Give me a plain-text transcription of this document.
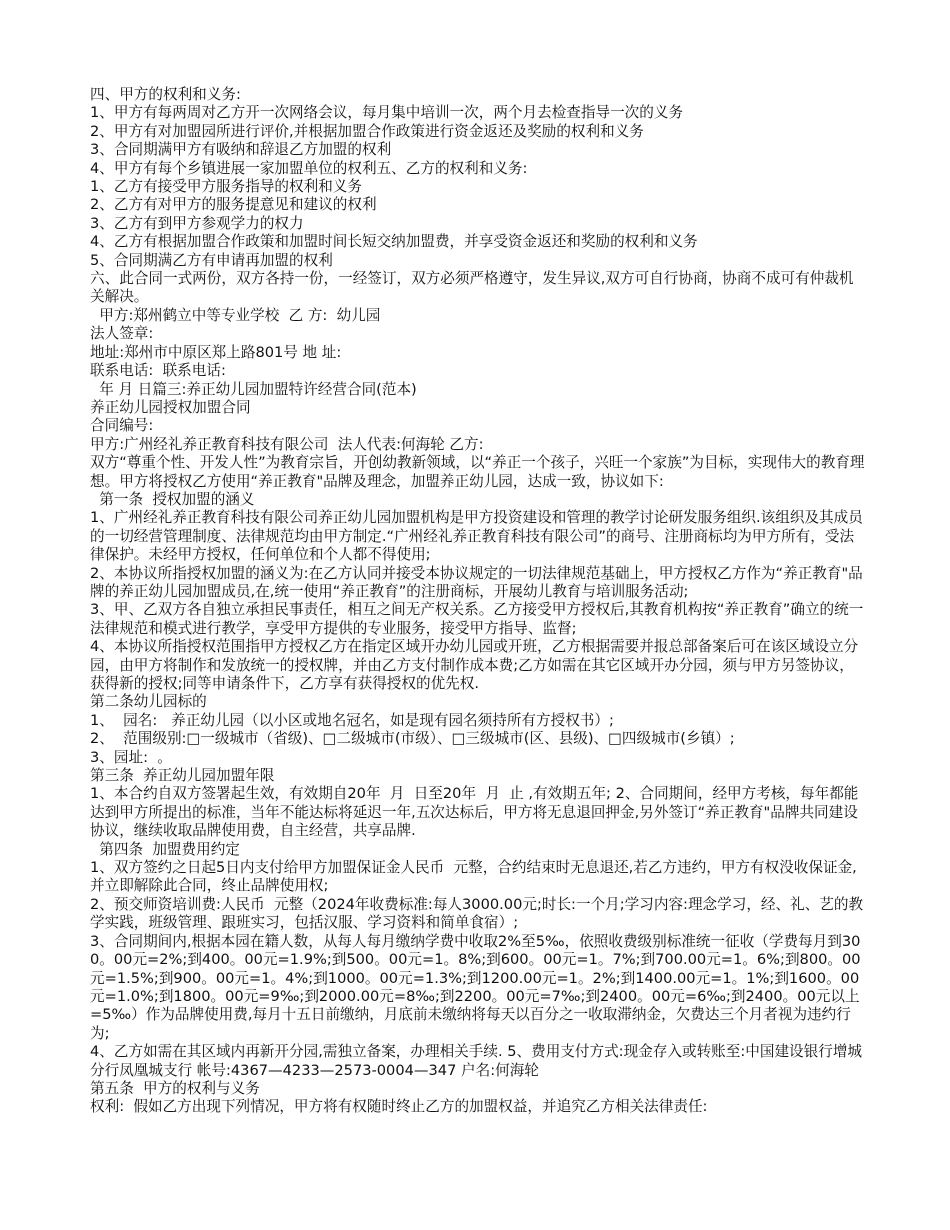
四、甲方的权利和义务:

1、甲方有每两周对乙方开一次网络会议，每月集中培训一次，两个月去检查指导一次的义务

2、甲方有对加盟园所进行评价,并根据加盟合作政策进行资金返还及奖励的权利和义务

3、合同期满甲方有吸纳和辞退乙方加盟的权利

4、甲方有每个乡镇进展一家加盟单位的权利五、乙方的权利和义务:

1、乙方有接受甲方服务指导的权利和义务

2、乙方有对甲方的服务提意见和建议的权利

3、乙方有到甲方参观学力的权力

4、乙方有根据加盟合作政策和加盟时间长短交纳加盟费，并享受资金返还和奖励的权利和义务

5、合同期满乙方有申请再加盟的权利

六、此合同一式两份，双方各持一份，一经签订，双方必须严格遵守，发生异议,双方可自行协商，协商不成可有仲裁机关解决。

甲方:郑州鹤立中等专业学校  乙 方:  幼儿园

法人签章:

地址:郑州市中原区郑上路801号 地 址:

联系电话:  联系电话:

年 月 日篇三:养正幼儿园加盟特许经营合同(范本)

养正幼儿园授权加盟合同

合同编号:

甲方:广州经礼养正教育科技有限公司  法人代表:何海轮 乙方:

双方“尊重个性、开发人性”为教育宗旨，开创幼教新领域，以“养正一个孩子，兴旺一个家族”为目标，实现伟大的教育理想。甲方将授权乙方使用“养正教育"品牌及理念，加盟养正幼儿园，达成一致，协议如下:

第一条  授权加盟的涵义

1、广州经礼养正教育科技有限公司养正幼儿园加盟机构是甲方投资建设和管理的教学讨论研发服务组织.该组织及其成员的一切经营管理制度、法律规范均由甲方制定.“广州经礼养正教育科技有限公司”的商号、注册商标均为甲方所有，受法律保护。未经甲方授权，任何单位和个人都不得使用;

2、本协议所指授权加盟的涵义为:在乙方认同并接受本协议规定的一切法律规范基础上，甲方授权乙方作为“养正教育"品牌的养正幼儿园加盟成员,在,统一使用“养正教育”的注册商标，开展幼儿教育与培训服务活动;

3、甲、乙双方各自独立承担民事责任，相互之间无产权关系。乙方接受甲方授权后,其教育机构按“养正教育”确立的统一法律规范和模式进行教学，享受甲方提供的专业服务，接受甲方指导、监督;

4、本协议所指授权范围指甲方授权乙方在指定区域开办幼儿园或开班，乙方根据需要并报总部备案后可在该区域设立分园，由甲方将制作和发放统一的授权牌，并由乙方支付制作成本费;乙方如需在其它区域开办分园，须与甲方另签协议，获得新的授权;同等申请条件下，乙方享有获得授权的优先权.

第二条幼儿园标的

1、  园名:   养正幼儿园（以小区或地名冠名，如是现有园名须持所有方授权书）;

2、  范围级别:□一级城市（省级)、□二级城市(市级）、□三级城市(区、县级)、□四级城市(乡镇）;

3、园址:  。

第三条  养正幼儿园加盟年限

1、本合约自双方签署起生效，有效期自20年  月  日至20年  月  止 ,有效期五年; 2、合同期间，经甲方考核，每年都能达到甲方所提出的标准，当年不能达标将延迟一年,五次达标后，甲方将无息退回押金,另外签订“养正教育"品牌共同建设协议，继续收取品牌使用费，自主经营，共享品牌.

第四条  加盟费用约定

1、双方签约之日起5日内支付给甲方加盟保证金人民币  元整，合约结束时无息退还,若乙方违约，甲方有权没收保证金,并立即解除此合同，终止品牌使用权;

2、预交师资培训费:人民币  元整（2024年收费标准:每人3000.00元;时长:一个月;学习内容:理念学习，经、礼、艺的教学实践，班级管理、跟班实习，包括汉服、学习资料和简单食宿）;

3、合同期间内,根据本园在籍人数，从每人每月缴纳学费中收取2%至5‰，依照收费级别标准统一征收（学费每月到300。00元=2%;到400。00元=1.9%;到500。00元=1。8%;到600。00元=1。7%;到700.00元=1。6%;到800。00元=1.5%;到900。00元=1。4%;到1000。00元=1.3%;到1200.00元=1。2%;到1400.00元=1。1%;到1600。00元=1.0%;到1800。00元=9‰;到2000.00元=8‰;到2200。00元=7‰;到2400。00元=6‰;到2400。00元以上=5‰）作为品牌使用费,每月十五日前缴纳，月底前未缴纳将每天以百分之一收取滞纳金，欠费达三个月者视为违约行为;

4、乙方如需在其区域内再新开分园,需独立备案，办理相关手续. 5、费用支付方式:现金存入或转账至:中国建设银行增城分行凤凰城支行 帐号:4367—4233—2573-0004—347 户名:何海轮

第五条  甲方的权利与义务

权利:  假如乙方出现下列情况，甲方将有权随时终止乙方的加盟权益，并追究乙方相关法律责任:
